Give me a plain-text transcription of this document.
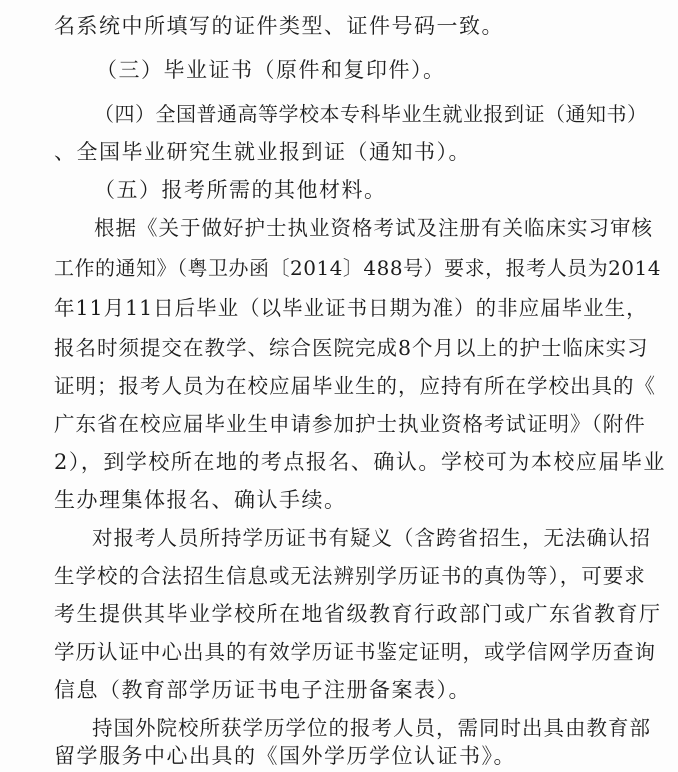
名系统中所填写的证件类型、证件号码一致。
（三）毕业证书（原件和复印件）。
（四）全国普通高等学校本专科毕业生就业报到证（通知书）
、全国毕业研究生就业报到证（通知书）。
（五）报考所需的其他材料。
根据《关于做好护士执业资格考试及注册有关临床实习审核
工作的通知》（粤卫办函〔2014〕488号）要求，报考人员为2014
年11月11日后毕业（以毕业证书日期为准）的非应届毕业生，
报名时须提交在教学、综合医院完成8个月以上的护士临床实习
证明；报考人员为在校应届毕业生的，应持有所在学校出具的《
广东省在校应届毕业生申请参加护士执业资格考试证明》（附件
2），到学校所在地的考点报名、确认。学校可为本校应届毕业
生办理集体报名、确认手续。
对报考人员所持学历证书有疑义（含跨省招生，无法确认招
生学校的合法招生信息或无法辨别学历证书的真伪等），可要求
考生提供其毕业学校所在地省级教育行政部门或广东省教育厅
学历认证中心出具的有效学历证书鉴定证明，或学信网学历查询
信息（教育部学历证书电子注册备案表）。
持国外院校所获学历学位的报考人员，需同时出具由教育部
留学服务中心出具的《国外学历学位认证书》。
